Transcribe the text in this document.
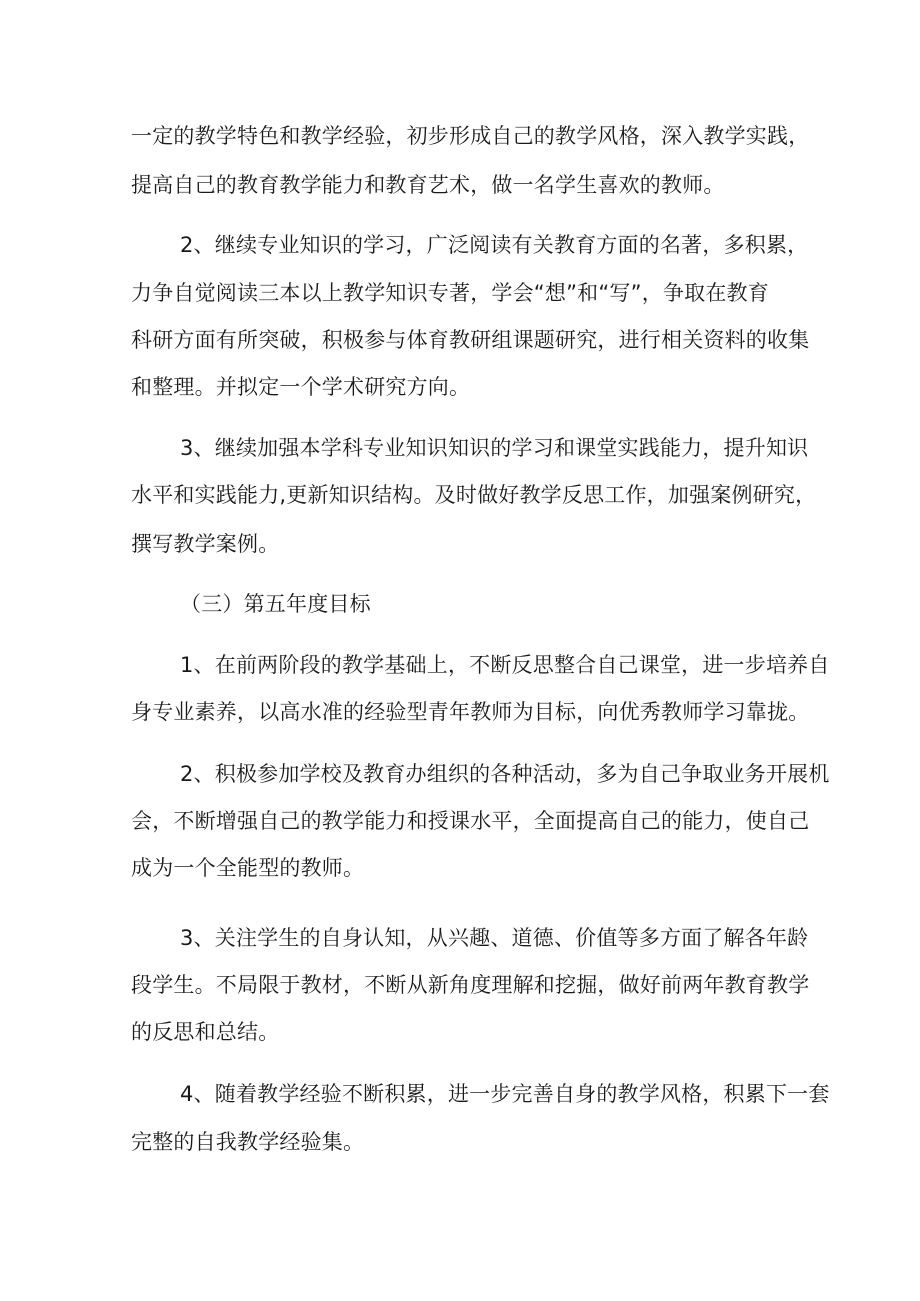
一定的教学特色和教学经验，初步形成自己的教学风格，深入教学实践，
提高自己的教育教学能力和教育艺术，做一名学生喜欢的教师。
2、继续专业知识的学习，广泛阅读有关教育方面的名著，多积累，
力争自觉阅读三本以上教学知识专著，学会“想”和“写”，争取在教育
科研方面有所突破，积极参与体育教研组课题研究，进行相关资料的收集
和整理。并拟定一个学术研究方向。
3、继续加强本学科专业知识知识的学习和课堂实践能力，提升知识
水平和实践能力,更新知识结构。及时做好教学反思工作，加强案例研究，
撰写教学案例。
（三）第五年度目标
1、在前两阶段的教学基础上，不断反思整合自己课堂，进一步培养自
身专业素养，以高水准的经验型青年教师为目标，向优秀教师学习靠拢。
2、积极参加学校及教育办组织的各种活动，多为自己争取业务开展机
会，不断增强自己的教学能力和授课水平，全面提高自己的能力，使自己
成为一个全能型的教师。
3、关注学生的自身认知，从兴趣、道德、价值等多方面了解各年龄
段学生。不局限于教材，不断从新角度理解和挖掘，做好前两年教育教学
的反思和总结。
4、随着教学经验不断积累，进一步完善自身的教学风格，积累下一套
完整的自我教学经验集。
